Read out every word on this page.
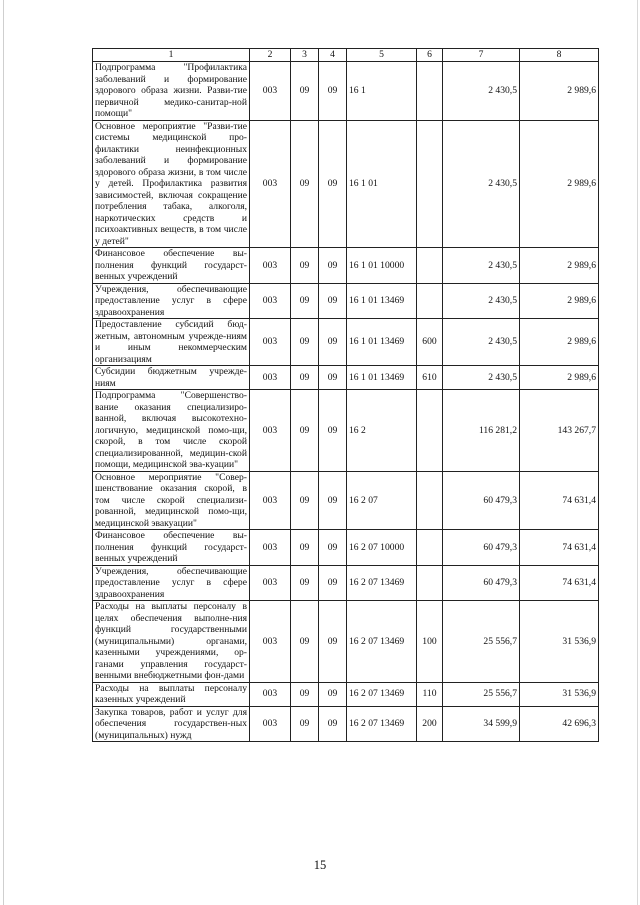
1	2	3	4	5	6	7	8
Подпрограмма "Профилактика заболеваний и формирование здорового образа жизни. Разви-тие первичной медико-санитар-ной помощи"	003	09	09	16 1		2 430,5	2 989,6
Основное мероприятие "Разви-тие системы медицинской про-филактики неинфекционных заболеваний и формирование здорового образа жизни, в том числе у детей. Профилактика развития зависимостей, включая сокращение потребления табака, алкоголя, наркотических средств и психоактивных веществ, в том числе у детей"	003	09	09	16 1 01		2 430,5	2 989,6
Финансовое обеспечение вы-полнения функций государст-венных учреждений	003	09	09	16 1 01 10000		2 430,5	2 989,6
Учреждения, обеспечивающие предоставление услуг в сфере здравоохранения	003	09	09	16 1 01 13469		2 430,5	2 989,6
Предоставление субсидий бюд-жетным, автономным учрежде-ниям и иным некоммерческим организациям	003	09	09	16 1 01 13469	600	2 430,5	2 989,6
Субсидии бюджетным учрежде-ниям	003	09	09	16 1 01 13469	610	2 430,5	2 989,6
Подпрограмма "Совершенство-вание оказания специализиро-ванной, включая высокотехно-логичную, медицинской помо-щи, скорой, в том числе скорой специализированной, медицин-ской помощи, медицинской эва-куации"	003	09	09	16 2		116 281,2	143 267,7
Основное мероприятие "Совер-шенствование оказания скорой, в том числе скорой специализи-рованной, медицинской помо-щи, медицинской эвакуации"	003	09	09	16 2 07		60 479,3	74 631,4
Финансовое обеспечение вы-полнения функций государст-венных учреждений	003	09	09	16 2 07 10000		60 479,3	74 631,4
Учреждения, обеспечивающие предоставление услуг в сфере здравоохранения	003	09	09	16 2 07 13469		60 479,3	74 631,4
Расходы на выплаты персоналу в целях обеспечения выполне-ния функций государственными (муниципальными) органами, казенными учреждениями, ор-ганами управления государст-венными внебюджетными фон-дами	003	09	09	16 2 07 13469	100	25 556,7	31 536,9
Расходы на выплаты персоналу казенных учреждений	003	09	09	16 2 07 13469	110	25 556,7	31 536,9
Закупка товаров, работ и услуг для обеспечения государствен-ных (муниципальных) нужд	003	09	09	16 2 07 13469	200	34 599,9	42 696,3
15
